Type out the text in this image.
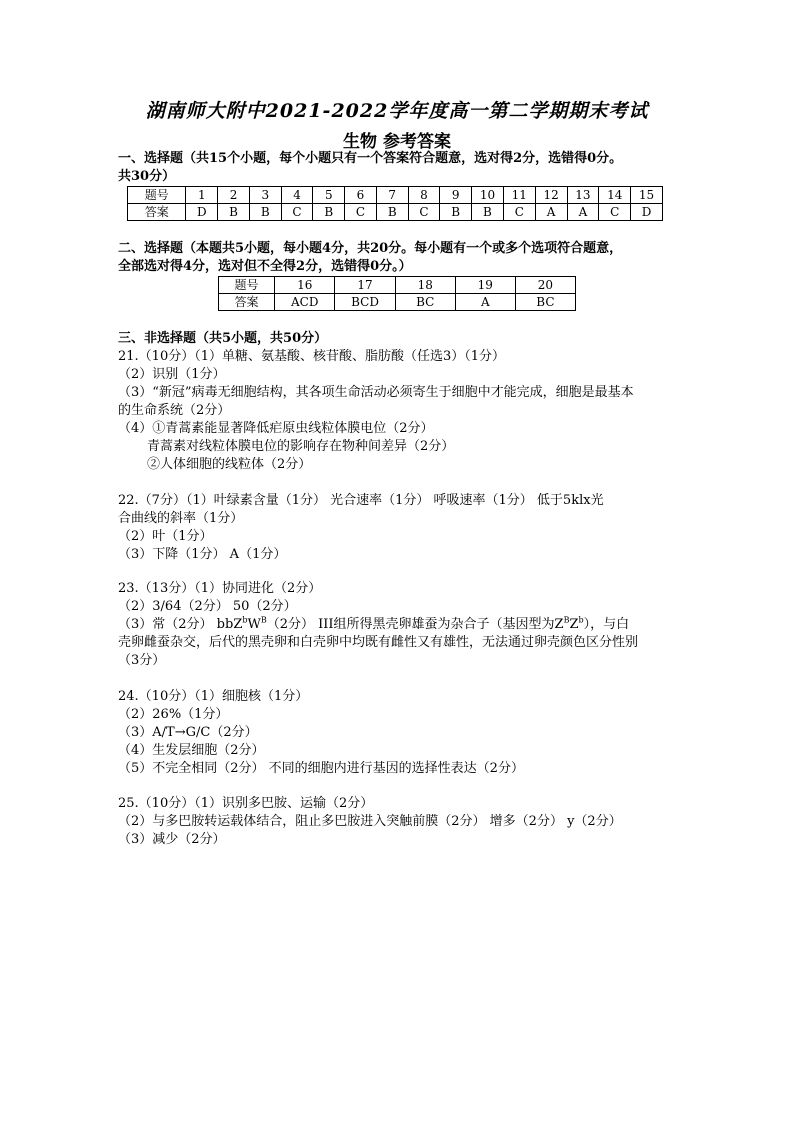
湖南师大附中2021-2022学年度高一第二学期期末考试
生物 参考答案
一、选择题（共15个小题，每个小题只有一个答案符合题意，选对得2分，选错得0分。
共30分）
题号	1	2	3	4	5	6	7	8	9	10	11	12	13	14	15
答案	D	B	B	C	B	C	B	C	B	B	C	A	A	C	D
二、选择题（本题共5小题，每小题4分，共20分。每小题有一个或多个选项符合题意，
全部选对得4分，选对但不全得2分，选错得0分。）
题号	16	17	18	19	20
答案	ACD	BCD	BC	A	BC
三、非选择题（共5小题，共50分）
21.（10分）（1）单糖、氨基酸、核苷酸、脂肪酸（任选3）（1分）
（2）识别（1分）
（3）“新冠”病毒无细胞结构，其各项生命活动必须寄生于细胞中才能完成，细胞是最基本
的生命系统（2分）
（4）①青蒿素能显著降低疟原虫线粒体膜电位（2分）
青蒿素对线粒体膜电位的影响存在物种间差异（2分）
②人体细胞的线粒体（2分）
22.（7分）（1）叶绿素含量（1分） 光合速率（1分） 呼吸速率（1分） 低于5klx光
合曲线的斜率（1分）
（2）叶（1分）
（3）下降（1分） A（1分）
23.（13分）（1）协同进化（2分）
（2）3/64（2分） 50（2分）
（3）常（2分） $bbZ^bW^B(2$分） III组所得黑壳卵雄蚕为杂合子（基因型为$Z^BZ^b$），与白
壳卵雌蚕杂交，后代的黑壳卵和白壳卵中均既有雌性又有雄性，无法通过卵壳颜色区分性别
（3分）
24.（10分）（1）细胞核（1分）
（2）26%（1分）
（3）A/T→G/C（2分）
（4）生发层细胞（2分）
（5）不完全相同（2分） 不同的细胞内进行基因的选择性表达（2分）
25.（10分）（1）识别多巴胺、运输（2分）
（2）与多巴胺转运载体结合，阻止多巴胺进入突触前膜（2分） 增多（2分） y（2分）
（3）减少（2分）
